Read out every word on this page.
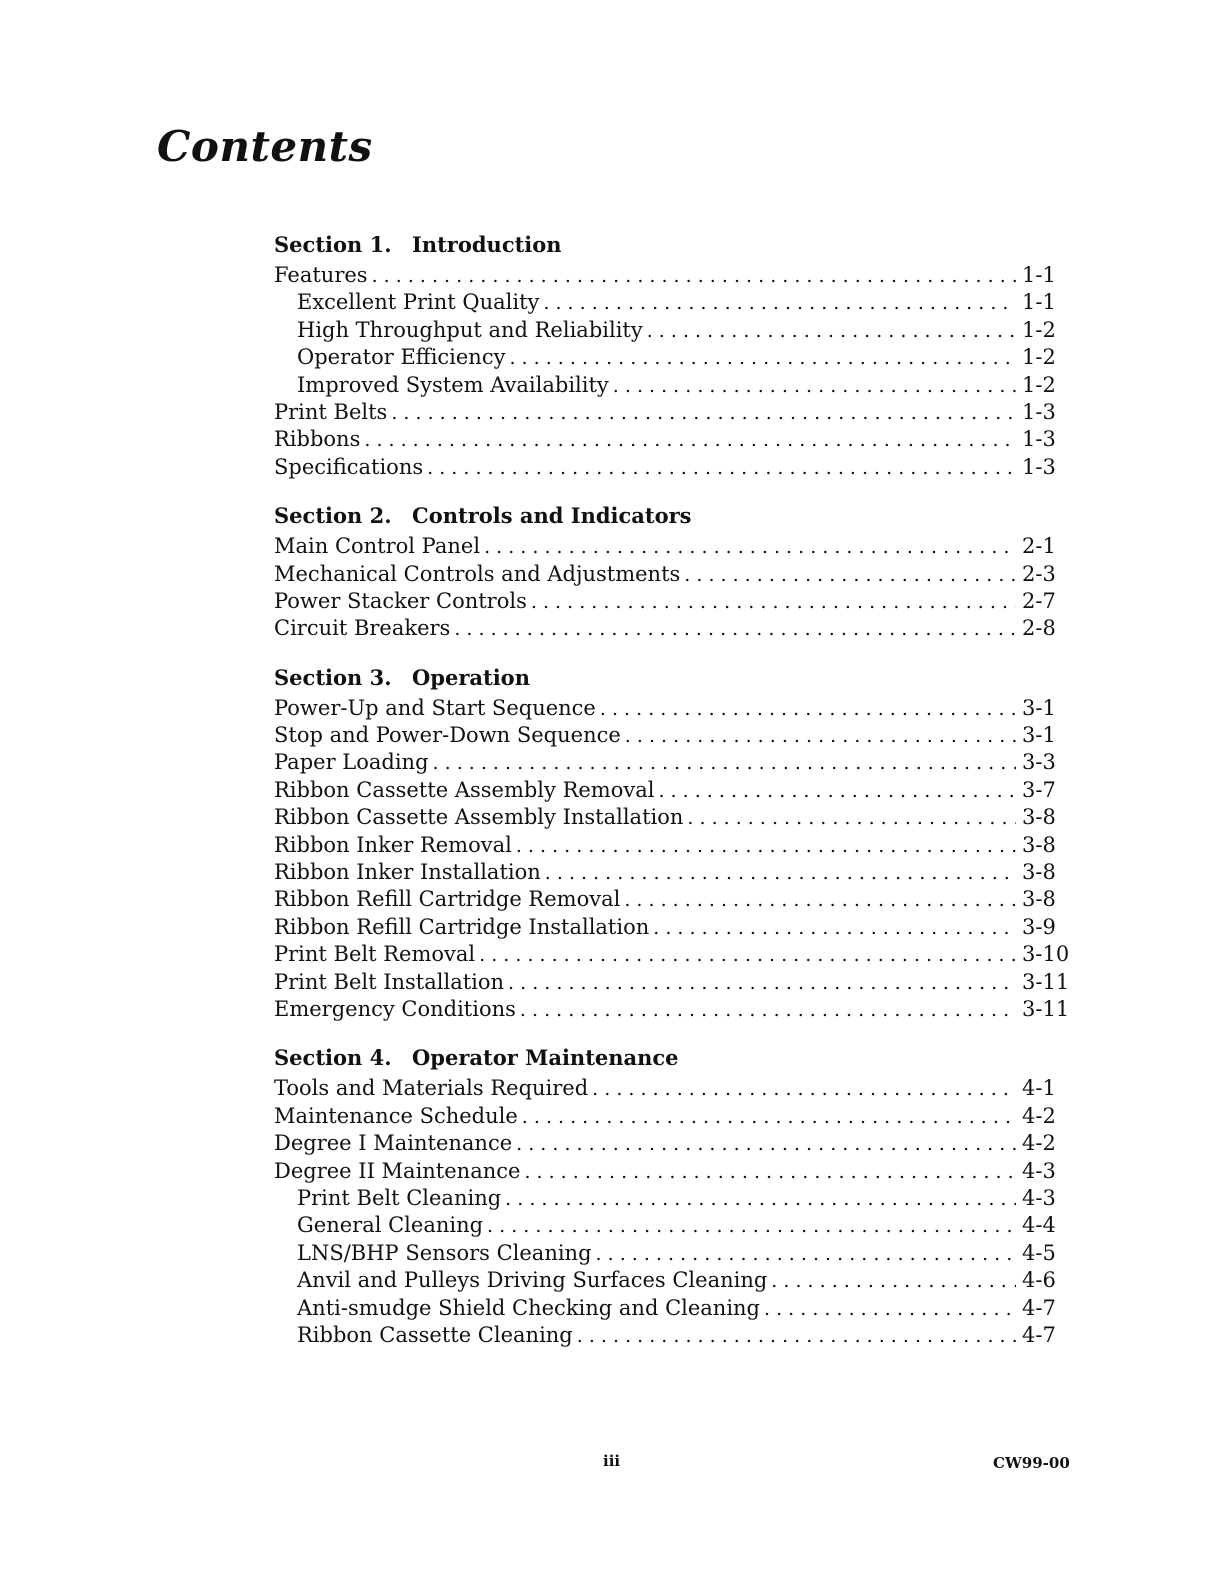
Contents
Section 1. Introduction
Features . . .	1-1
Excellent Print Quality . . .	1-1
High Throughput and Reliability . . .	1-2
Operator Efficiency . . .	1-2
Improved System Availability . . .	1-2
Print Belts . . .	1-3
Ribbons . . .	1-3
Specifications . . .	1-3
Section 2. Controls and Indicators
Main Control Panel . . .	2-1
Mechanical Controls and Adjustments . . .	2-3
Power Stacker Controls . . .	2-7
Circuit Breakers . . .	2-8
Section 3. Operation
Power-Up and Start Sequence . . .	3-1
Stop and Power-Down Sequence . . .	3-1
Paper Loading . . .	3-3
Ribbon Cassette Assembly Removal . . .	3-7
Ribbon Cassette Assembly Installation . . .	3-8
Ribbon Inker Removal . . .	3-8
Ribbon Inker Installation . . .	3-8
Ribbon Refill Cartridge Removal . . .	3-8
Ribbon Refill Cartridge Installation . . .	3-9
Print Belt Removal . . .	3-10
Print Belt Installation . . .	3-11
Emergency Conditions . . .	3-11
Section 4. Operator Maintenance
Tools and Materials Required . . .	4-1
Maintenance Schedule . . .	4-2
Degree I Maintenance . . .	4-2
Degree II Maintenance . . .	4-3
Print Belt Cleaning . . .	4-3
General Cleaning . . .	4-4
LNS/BHP Sensors Cleaning . . .	4-5
Anvil and Pulleys Driving Surfaces Cleaning . . .	4-6
Anti-smudge Shield Checking and Cleaning . . .	4-7
Ribbon Cassette Cleaning . . .	4-7
iii	CW99-00
